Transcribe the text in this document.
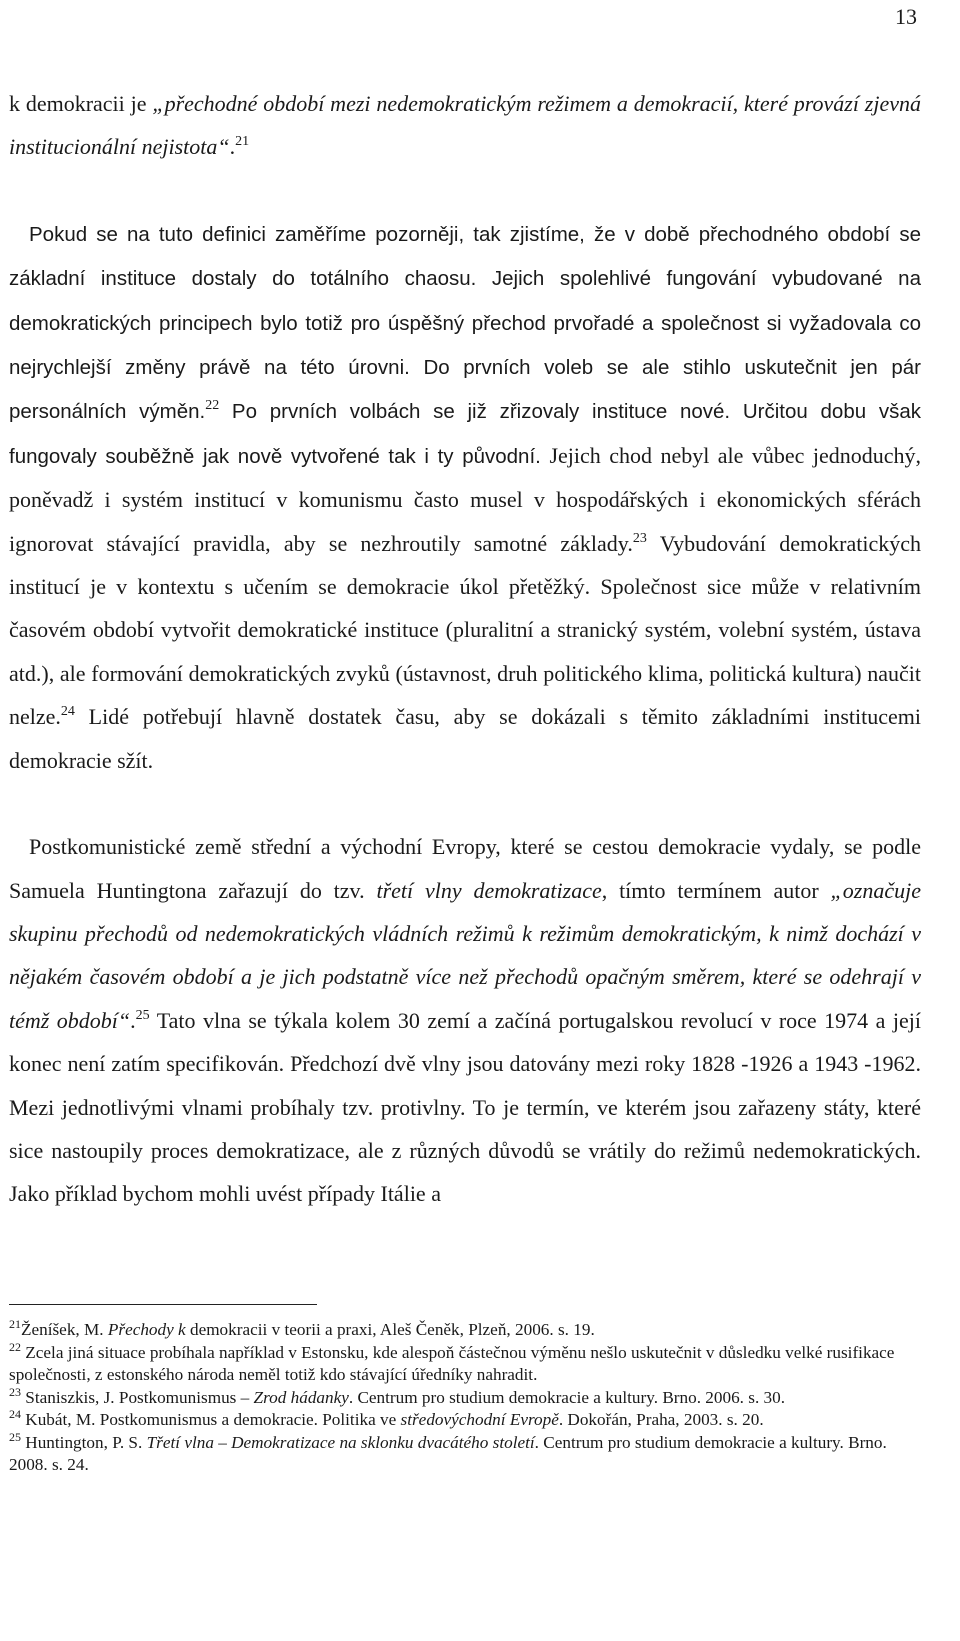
13

k demokracii je „přechodné období mezi nedemokratickým režimem a demokracií, které provází zjevná institucionální nejistota“.$^{21}$

Pokud se na tuto definici zaměříme pozorněji, tak zjistíme, že v době přechodného období se základní instituce dostaly do totálního chaosu. Jejich spolehlivé fungování vybudované na demokratických principech bylo totiž pro úspěšný přechod prvořadé a společnost si vyžadovala co nejrychlejší změny právě na této úrovni. Do prvních voleb se ale stihlo uskutečnit jen pár personálních výměn.$^{22}$ Po prvních volbách se již zřizovaly instituce nové. Určitou dobu však fungovaly souběžně jak nově vytvořené tak i ty původní. Jejich chod nebyl ale vůbec jednoduchý, poněvadž i systém institucí v komunismu často musel v hospodářských i ekonomických sférách ignorovat stávající pravidla, aby se nezhroutily samotné základy.$^{23}$ Vybudování demokratických institucí je v kontextu s učením se demokracie úkol přetěžký. Společnost sice může v relativním časovém období vytvořit demokratické instituce (pluralitní a stranický systém, volební systém, ústava atd.), ale formování demokratických zvyků (ústavnost, druh politického klima, politická kultura) naučit nelze.$^{24}$ Lidé potřebují hlavně dostatek času, aby se dokázali s těmito základními institucemi demokracie sžít.

Postkomunistické země střední a východní Evropy, které se cestou demokracie vydaly, se podle Samuela Huntingtona zařazují do tzv. třetí vlny demokratizace, tímto termínem autor „označuje skupinu přechodů od nedemokratických vládních režimů k režimům demokratickým, k nimž dochází v nějakém časovém období a je jich podstatně více než přechodů opačným směrem, které se odehrají v témž období“.$^{25}$ Tato vlna se týkala kolem 30 zemí a začíná portugalskou revolucí v roce 1974 a její konec není zatím specifikován. Předchozí dvě vlny jsou datovány mezi roky 1828 -1926 a 1943 -1962. Mezi jednotlivými vlnami probíhaly tzv. protivlny. To je termín, ve kterém jsou zařazeny státy, které sice nastoupily proces demokratizace, ale z různých důvodů se vrátily do režimů nedemokratických. Jako příklad bychom mohli uvést případy Itálie a

$^{21}$Ženíšek, M. Přechody k demokracii v teorii a praxi, Aleš Čeněk, Plzeň, 2006. s. 19.

$^{22}$ Zcela jiná situace probíhala například v Estonsku, kde alespoň částečnou výměnu nešlo uskutečnit v důsledku velké rusifikace společnosti, z estonského národa neměl totiž kdo stávající úředníky nahradit.

$^{23}$ Staniszkis, J. Postkomunismus – Zrod hádanky. Centrum pro studium demokracie a kultury. Brno. 2006. s. 30.

$^{24}$ Kubát, M. Postkomunismus a demokracie. Politika ve středovýchodní Evropě. Dokořán, Praha, 2003. s. 20.

$^{25}$ Huntington, P. S. Třetí vlna – Demokratizace na sklonku dvacátého století. Centrum pro studium demokracie a kultury. Brno. 2008. s. 24.
